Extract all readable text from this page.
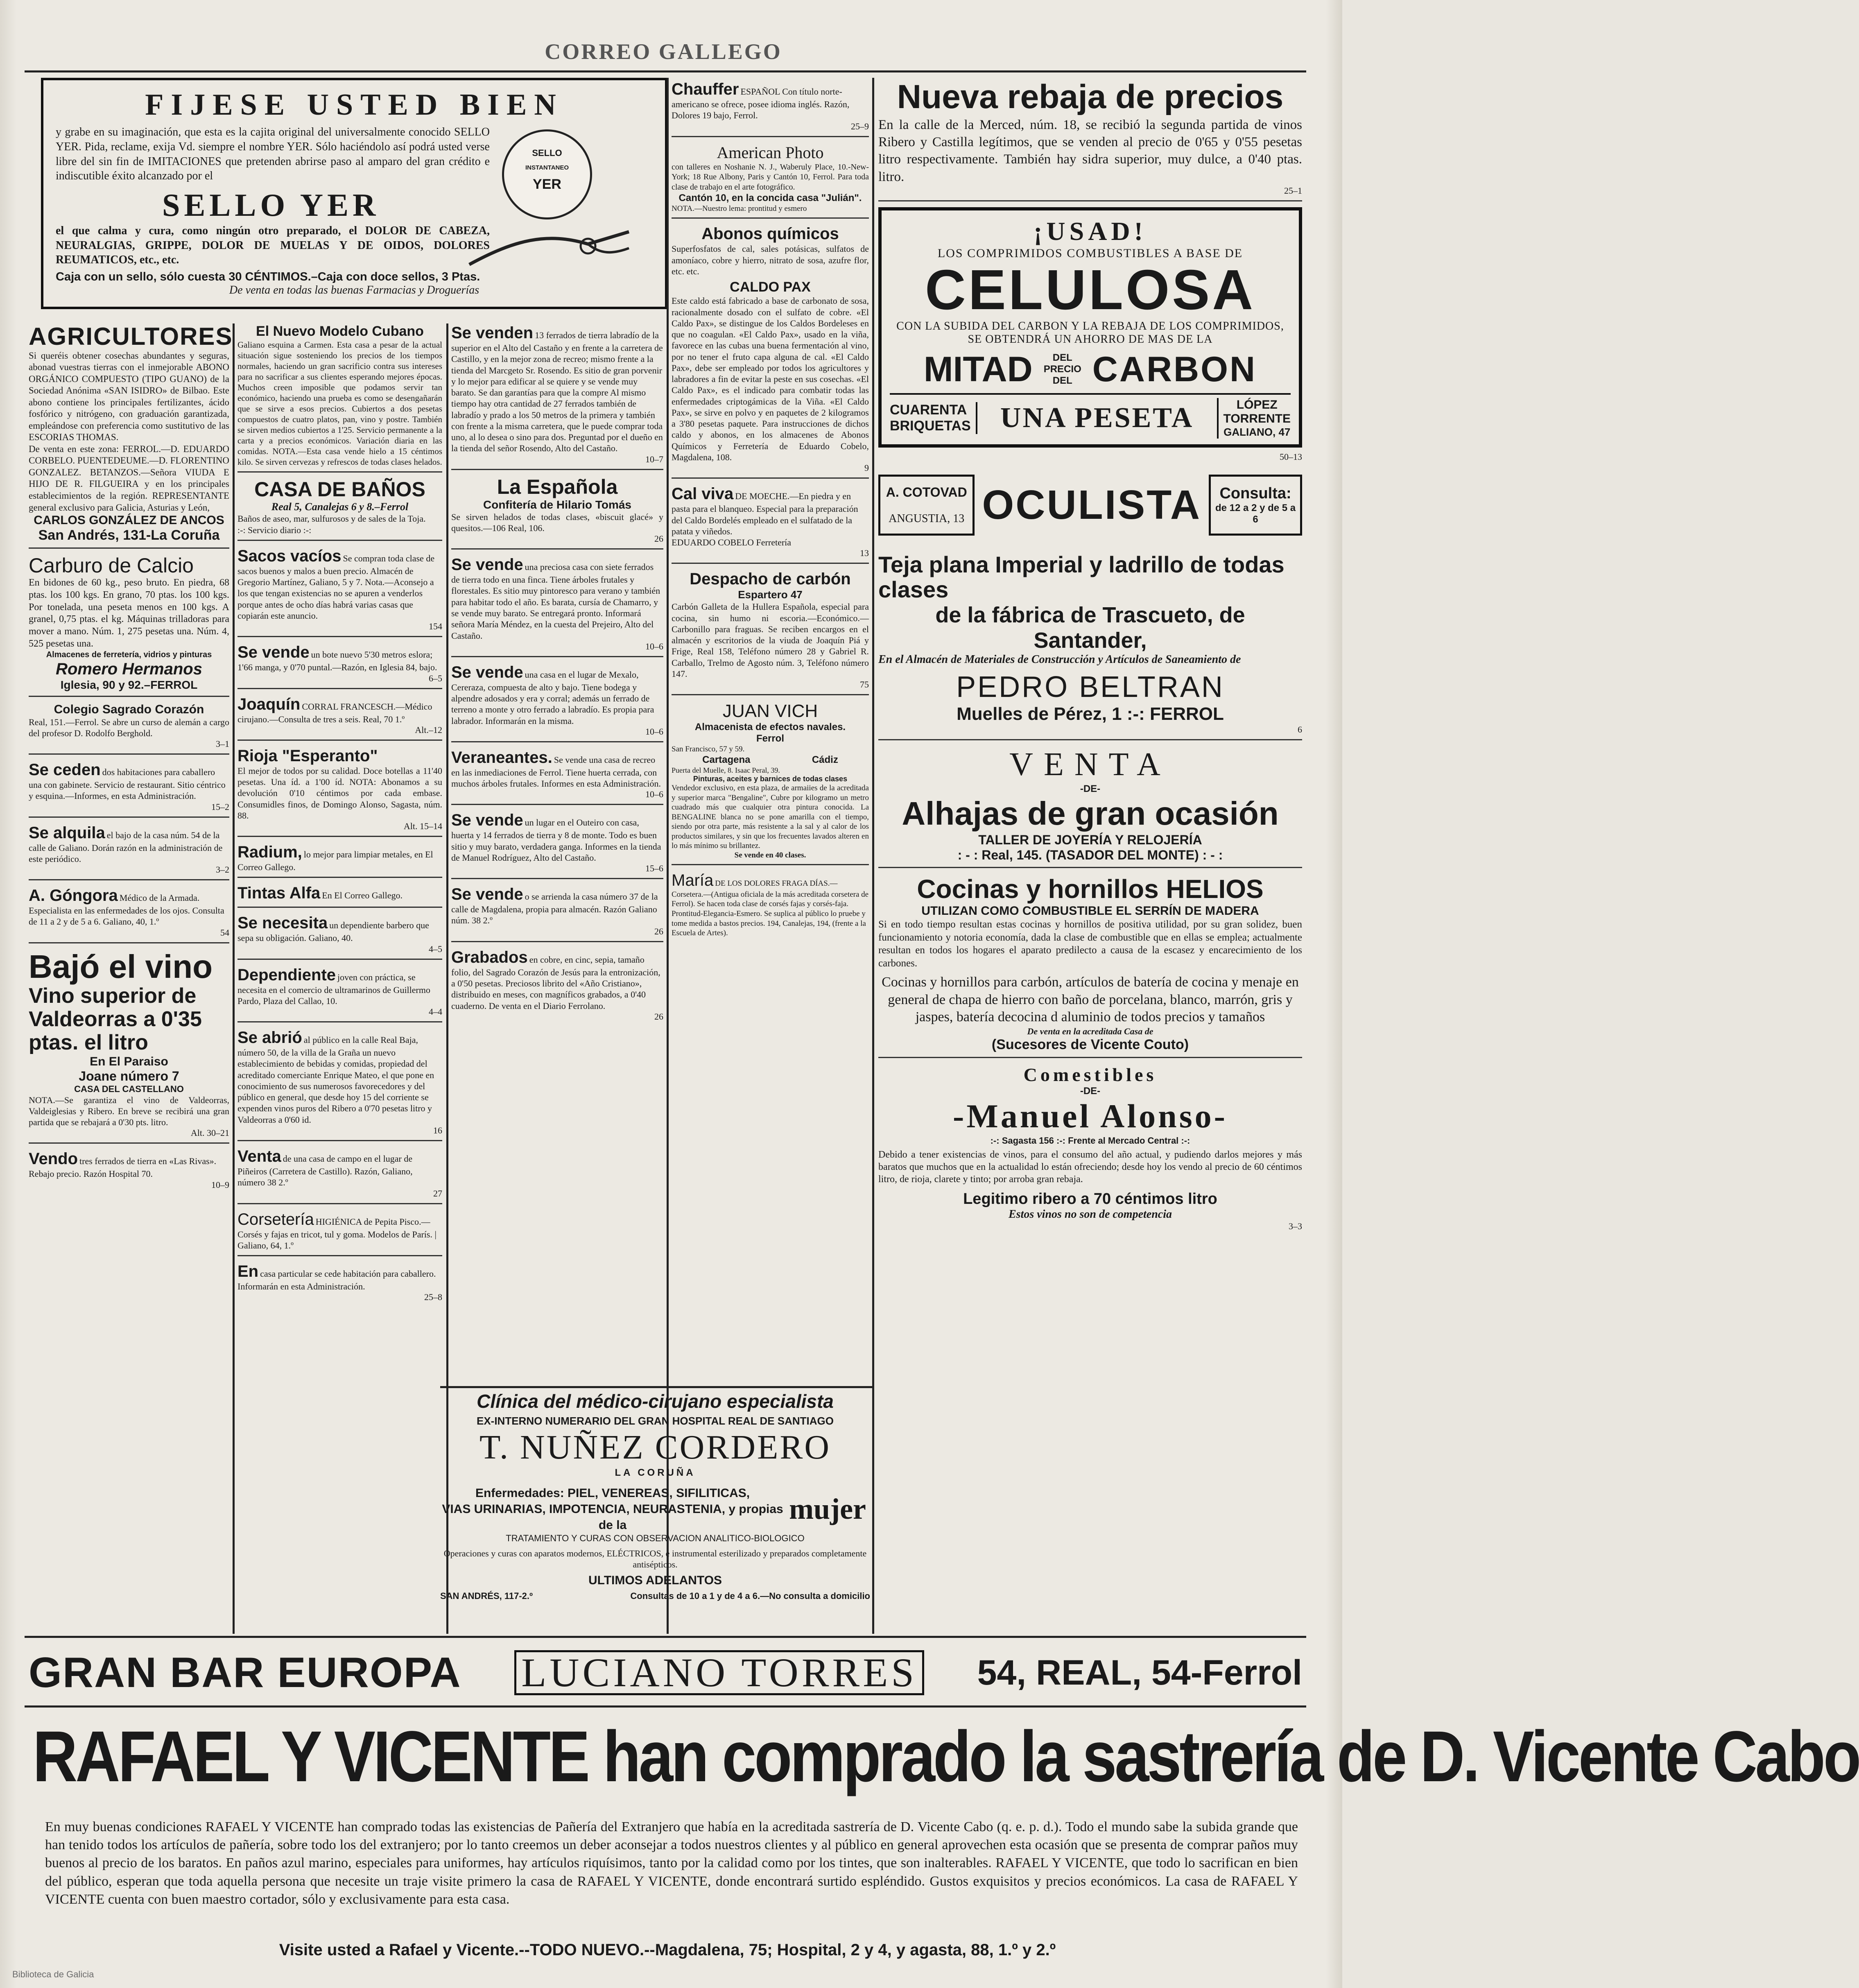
CORREO GALLEGO
FIJESE USTED BIEN
y grabe en su imaginación, que esta es la cajita original del universalmente conocido SELLO YER. Pida, reclame, exija Vd. siempre el nombre YER. Sólo haciéndolo así podrá usted verse libre del sin fin de IMITACIONES que pretenden abrirse paso al amparo del gran crédito e indiscutible éxito alcanzado por el
SELLO YER
el que calma y cura, como ningún otro preparado, el DOLOR DE CABEZA, NEURALGIAS, GRIPPE, DOLOR DE MUELAS Y DE OIDOS, DOLORES REUMATICOS, etc., etc.
Caja con un sello, sólo cuesta 30 CÉNTIMOS.–Caja con doce sellos, 3 Ptas.
De venta en todas las buenas Farmacias y Droguerías
SELLO
INSTANTANEO
YER
AGRICULTORES
Si queréis obtener cosechas abundantes y seguras, abonad vuestras tierras con el inmejorable ABONO ORGÁNICO COMPUESTO (TIPO GUANO) de la Sociedad Anónima «SAN ISIDRO» de Bilbao. Este abono contiene los principales fertilizantes, ácido fosfórico y nitrógeno, con graduación garantizada, empleándose con preferencia como sustitutivo de las ESCORIAS THOMAS.
De venta en este zona: FERROL.—D. EDUARDO CORBELO. PUENTEDEUME.—D. FLORENTINO GONZALEZ. BETANZOS.—Señora VIUDA E HIJO DE R. FILGUEIRA y en los principales establecimientos de la región. REPRESENTANTE general exclusivo para Galicia, Asturias y León,
CARLOS GONZÁLEZ DE ANCOS
San Andrés, 131-La Coruña
Carburo de Calcio
En bidones de 60 kg., peso bruto. En piedra, 68 ptas. los 100 kgs. En grano, 70 ptas. los 100 kgs. Por tonelada, una peseta menos en 100 kgs. A granel, 0,75 ptas. el kg. Máquinas trilladoras para mover a mano. Núm. 1, 275 pesetas una. Núm. 4, 525 pesetas una.
Almacenes de ferretería, vidrios y pinturas
Romero Hermanos
Iglesia, 90 y 92.–FERROL
Colegio Sagrado Corazón
Real, 151.—Ferrol. Se abre un curso de alemán a cargo del profesor D. Rodolfo Berghold.
3–1
Se ceden dos habitaciones para caballero una con gabinete. Servicio de restaurant. Sitio céntrico y esquina.—Informes, en esta Administración.
15–2
Se alquila el bajo de la casa núm. 54 de la calle de Galiano. Dorán razón en la administración de este periódico.
3–2
A. Góngora Médico de la Armada. Especialista en las enfermedades de los ojos. Consulta de 11 a 2 y de 5 a 6. Galiano, 40, 1.º
54
Bajó el vino
Vino superior de Valdeorras a 0'35 ptas. el litro
En El Paraiso
Joane número 7
CASA DEL CASTELLANO
NOTA.—Se garantiza el vino de Valdeorras, Valdeiglesias y Ribero. En breve se recibirá una gran partida que se rebajará a 0'30 pts. litro.
Alt. 30–21
Vendo tres ferrados de tierra en «Las Rivas». Rebajo precio. Razón Hospital 70.
10–9
El Nuevo Modelo Cubano
Galiano esquina a Carmen. Esta casa a pesar de la actual situación sigue sosteniendo los precios de los tiempos normales, haciendo un gran sacrificio contra sus intereses para no sacrificar a sus clientes esperando mejores épocas. Muchos creen imposible que podamos servir tan económico, haciendo una prueba es como se desengañarán que se sirve a esos precios. Cubiertos a dos pesetas compuestos de cuatro platos, pan, vino y postre. También se sirven medios cubiertos a 1'25. Servicio permanente a la carta y a precios económicos. Variación diaria en las comidas. NOTA.—Esta casa vende hielo a 15 céntimos kilo. Se sirven cervezas y refrescos de todas clases helados.
CASA DE BAÑOS
Real 5, Canalejas 6 y 8.–Ferrol
Baños de aseo, mar, sulfurosos y de sales de la Toja.
:-: Servicio diario :-:
Sacos vacíos Se compran toda clase de sacos buenos y malos a buen precio. Almacén de Gregorio Martínez, Galiano, 5 y 7. Nota.—Aconsejo a los que tengan existencias no se apuren a venderlos porque antes de ocho días habrá varias casas que copiarán este anuncio.
154
Se vende un bote nuevo 5'30 metros eslora; 1'66 manga, y 0'70 puntal.—Razón, en Iglesia 84, bajo.
6–5
Joaquín CORRAL FRANCESCH.—Médico cirujano.—Consulta de tres a seis. Real, 70 1.º
Alt.–12
Rioja "Esperanto"
El mejor de todos por su calidad. Doce botellas a 11'40 pesetas. Una íd. a 1'00 íd. NOTA: Abonamos a su devolución 0'10 céntimos por cada embase. Consumidles finos, de Domingo Alonso, Sagasta, núm. 88.
Alt. 15–14
Radium, lo mejor para limpiar metales, en El Correo Gallego.
Tintas Alfa En El Correo Gallego.
Se necesita un dependiente barbero que sepa su obligación. Galiano, 40.
4–5
Dependiente joven con práctica, se necesita en el comercio de ultramarinos de Guillermo Pardo, Plaza del Callao, 10.
4–4
Se abrió al público en la calle Real Baja, número 50, de la villa de la Graña un nuevo establecimiento de bebidas y comidas, propiedad del acreditado comerciante Enrique Mateo, el que pone en conocimiento de sus numerosos favorecedores y del público en general, que desde hoy 15 del corriente se expenden vinos puros del Ribero a 0'70 pesetas litro y Valdeorras a 0'60 id.
16
Venta de una casa de campo en el lugar de Piñeiros (Carretera de Castillo). Razón, Galiano, número 38 2.º
27
Corsetería HIGIÉNICA de Pepita Pisco.—Corsés y fajas en tricot, tul y goma. Modelos de París. | Galiano, 64, 1.º
En casa particular se cede habitación para caballero. Informarán en esta Administración.
25–8
Se venden 13 ferrados de tierra labradío de la superior en el Alto del Castaño y en frente a la carretera de Castillo, y en la mejor zona de recreo; mismo frente a la tienda del Marcgeto Sr. Rosendo. Es sitio de gran porvenir y lo mejor para edificar al se quiere y se vende muy barato. Se dan garantías para que la compre Al mismo tiempo hay otra cantidad de 27 ferrados también de labradío y prado a los 50 metros de la primera y también con frente a la misma carretera, que le puede comprar toda uno, al lo desea o sino para dos. Preguntad por el dueño en la tienda del señor Rosendo, Alto del Castaño.
10–7
La Española
Confitería de Hilario Tomás
Se sirven helados de todas clases, «biscuit glacé» y quesitos.—106 Real, 106.
26
Se vende una preciosa casa con siete ferrados de tierra todo en una finca. Tiene árboles frutales y florestales. Es sitio muy pintoresco para verano y también para habitar todo el año. Es barata, cursía de Chamarro, y se vende muy barato. Se entregará pronto. Informará señora María Méndez, en la cuesta del Prejeiro, Alto del Castaño.
10–6
Se vende una casa en el lugar de Mexalo, Cereraza, compuesta de alto y bajo. Tiene bodega y alpendre adosados y era y corral; además un ferrado de terreno a monte y otro ferrado a labradío. Es propia para labrador. Informarán en la misma.
10–6
Veraneantes. Se vende una casa de recreo en las inmediaciones de Ferrol. Tiene huerta cerrada, con muchos árboles frutales. Informes en esta Administración.
10–6
Se vende un lugar en el Outeiro con casa, huerta y 14 ferrados de tierra y 8 de monte. Todo es buen sitio y muy barato, verdadera ganga. Informes en la tienda de Manuel Rodríguez, Alto del Castaño.
15–6
Se vende o se arrienda la casa número 37 de la calle de Magdalena, propia para almacén. Razón Galiano núm. 38 2.º
26
Grabados en cobre, en cinc, sepia, tamaño folio, del Sagrado Corazón de Jesús para la entronización, a 0'50 pesetas. Preciosos librito del «Año Cristiano», distribuido en meses, con magníficos grabados, a 0'40 cuaderno. De venta en el Diario Ferrolano.
26
Chauffer ESPAÑOL Con título norte-americano se ofrece, posee idioma inglés. Razón, Dolores 19 bajo, Ferrol.
25–9
American Photo
con talleres en Noshanie N. J., Waberuly Place, 10.-New-York; 18 Rue Albony, Paris y Cantón 10, Ferrol. Para toda clase de trabajo en el arte fotográfico.
Cantón 10, en la concida casa "Julián".
NOTA.—Nuestro lema: prontitud y esmero
Abonos químicos
Superfosfatos de cal, sales potásicas, sulfatos de amoníaco, cobre y hierro, nitrato de sosa, azufre flor, etc. etc.
CALDO PAX
Este caldo está fabricado a base de carbonato de sosa, racionalmente dosado con el sulfato de cobre. «El Caldo Pax», se distingue de los Caldos Bordeleses en que no coagulan. «El Caldo Pax», usado en la viña, favorece en las cubas una buena fermentación al vino, por no tener el fruto capa alguna de cal. «El Caldo Pax», debe ser empleado por todos los agricultores y labradores a fin de evitar la peste en sus cosechas. «El Caldo Pax», es el indicado para combatir todas las enfermedades criptogámicas de la Viña. «El Caldo Pax», se sirve en polvo y en paquetes de 2 kilogramos a 3'80 pesetas paquete. Para instrucciones de dichos caldo y abonos, en los almacenes de Abonos Químicos y Ferretería de Eduardo Cobelo, Magdalena, 108.
9
Cal viva DE MOECHE.—En piedra y en pasta para el blanqueo. Especial para la preparación del Caldo Bordelés empleado en el sulfatado de la patata y viñedos.
EDUARDO COBELO Ferretería
13
Despacho de carbón
Espartero 47
Carbón Galleta de la Hullera Española, especial para cocina, sin humo ni escoria.—Económico.—Carbonillo para fraguas. Se reciben encargos en el almacén y escritorios de la viuda de Joaquín Piá y Frige, Real 158, Teléfono número 28 y Gabriel R. Carballo, Trelmo de Agosto núm. 3, Teléfono número 147.
75
JUAN VICH
Almacenista de efectos navales.
Ferrol
San Francisco, 57 y 59.
Cartagena	Cádiz
Puerta del Muelle, 8. Isaac Peral, 39.
Pinturas, aceites y barnices de todas clases
Vendedor exclusivo, en esta plaza, de armaiies de la acreditada y superior marca "Bengaline", Cubre por kilogramo un metro cuadrado más que cualquier otra pintura conocida. La BENGALINE blanca no se pone amarilla con el tiempo, siendo por otra parte, más resistente a la sal y al calor de los productos similares, y sin que los frecuentes lavados alteren en lo más mínimo su brillantez.
Se vende en 40 clases.
María DE LOS DOLORES FRAGA DÍAS.—Corsetera.—(Antigua oficiala de la más acreditada corsetera de Ferrol). Se hacen toda clase de corsés fajas y corsés-faja. Prontitud-Elegancia-Esmero. Se suplica al público lo pruebe y tome medida a bastos precios. 194, Canalejas, 194, (frente a la Escuela de Artes).
Clínica del médico-cirujano especialista
EX-INTERNO NUMERARIO DEL GRAN HOSPITAL REAL DE SANTIAGO
T. NUÑEZ CORDERO
LA CORUÑA
Enfermedades: PIEL, VENEREAS, SIFILITICAS,
VIAS URINARIAS, IMPOTENCIA, NEURASTENIA, y propias de la	mujer
TRATAMIENTO Y CURAS CON OBSERVACION ANALITICO-BIOLOGICO
Operaciones y curas con aparatos modernos, ELÉCTRICOS, e instrumental esterilizado y preparados completamente antisépticos.
ULTIMOS ADELANTOS
SAN ANDRÉS, 117-2.º	Consultas de 10 a 1 y de 4 a 6.—No consulta a domicilio
Nueva rebaja de precios
En la calle de la Merced, núm. 18, se recibió la segunda partida de vinos Ribero y Castilla legítimos, que se venden al precio de 0'65 y 0'55 pesetas litro respectivamente. También hay sidra superior, muy dulce, a 0'40 ptas. litro.
25–1
¡USAD!
LOS COMPRIMIDOS COMBUSTIBLES A BASE DE
CELULOSA
CON LA SUBIDA DEL CARBON Y LA REBAJA DE LOS COMPRIMIDOS, SE OBTENDRÁ UN AHORRO DE MAS DE LA
MITAD	DEL PRECIO DEL CARBON
CUARENTA
BRIQUETAS	UNA PESETA	LÓPEZ
TORRENTE
GALIANO, 47
50–13
A. COTOVAD
ANGUSTIA, 13 OCULISTA Consulta:
de 12 a 2 y de 5 a 6
Teja plana Imperial y ladrillo de todas clases
de la fábrica de Trascueto, de Santander,
En el Almacén de Materiales de Construcción y Artículos de Saneamiento de
PEDRO BELTRAN
Muelles de Pérez, 1 :-: FERROL
6
VENTA
-DE-
Alhajas de gran ocasión
TALLER DE JOYERÍA Y RELOJERÍA
: - : Real, 145. (TASADOR DEL MONTE) : - :
Cocinas y hornillos HELIOS
UTILIZAN COMO COMBUSTIBLE EL SERRÍN DE MADERA
Si en todo tiempo resultan estas cocinas y hornillos de positiva utilidad, por su gran solidez, buen funcionamiento y notoria economía, dada la clase de combustible que en ellas se emplea; actualmente resultan en todos los hogares el aparato predilecto a causa de la escasez y encarecimiento de los carbones.
Cocinas y hornillos para carbón, artículos de batería de cocina y menaje en general de chapa de hierro con baño de porcelana, blanco, marrón, gris y jaspes, batería decocina d aluminio de todos precios y tamaños
De venta en la acreditada Casa de
(Sucesores de Vicente Couto)
Comestibles
-DE-
-Manuel Alonso-
:-: Sagasta 156 :-: Frente al Mercado Central :-:
Debido a tener existencias de vinos, para el consumo del año actual, y pudiendo darlos mejores y más baratos que muchos que en la actualidad lo están ofreciendo; desde hoy los vendo al precio de 60 céntimos litro, de rioja, clarete y tinto; por arroba gran rebaja.
Legitimo ribero a 70 céntimos litro
Estos vinos no son de competencia
3–3
GRAN BAR EUROPA LUCIANO TORRES 54, REAL, 54-Ferrol
RAFAEL Y VICENTE han comprado la sastrería de D. Vicente Cabo
En muy buenas condiciones RAFAEL Y VICENTE han comprado todas las existencias de Pañería del Extranjero que había en la acreditada sastrería de D. Vicente Cabo (q. e. p. d.). Todo el mundo sabe la subida grande que han tenido todos los artículos de pañería, sobre todo los del extranjero; por lo tanto creemos un deber aconsejar a todos nuestros clientes y al público en general aprovechen esta ocasión que se presenta de comprar paños muy buenos al precio de los baratos. En paños azul marino, especiales para uniformes, hay artículos riquísimos, tanto por la calidad como por los tintes, que son inalterables. RAFAEL Y VICENTE, que todo lo sacrifican en bien del público, esperan que toda aquella persona que necesite un traje visite primero la casa de RAFAEL Y VICENTE, donde encontrará surtido espléndido. Gustos exquisitos y precios económicos. La casa de RAFAEL Y VICENTE cuenta con buen maestro cortador, sólo y exclusivamente para esta casa.
Visite usted a Rafael y Vicente.--TODO NUEVO.--Magdalena, 75; Hospital, 2 y 4, y agasta, 88, 1.º y 2.º
Biblioteca de Galicia
